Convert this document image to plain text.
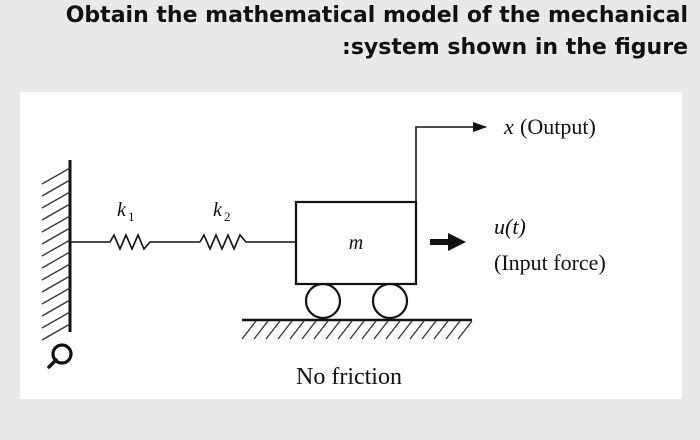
Obtain the mathematical model of the mechanical
:system shown in the figure
k 1	k 2
m
No friction
x (Output)
u(t)
(Input force)
